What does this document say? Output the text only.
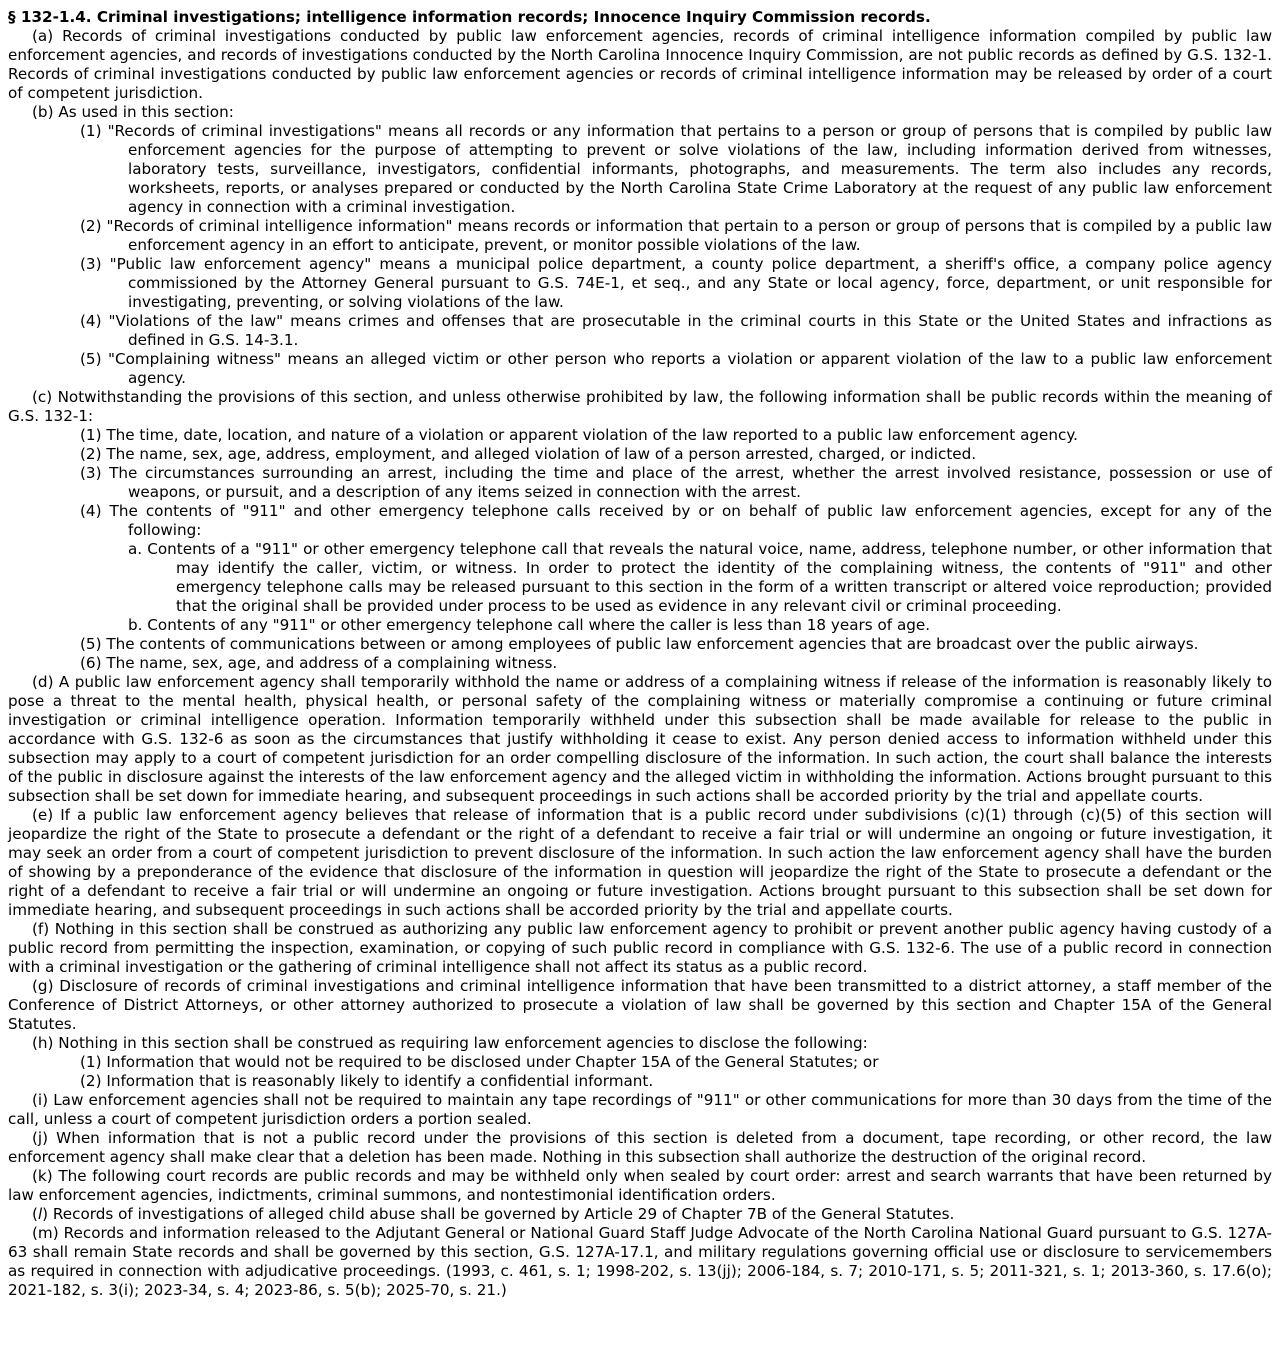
§ 132-1.4. Criminal investigations; intelligence information records; Innocence Inquiry Commission records.

(a) Records of criminal investigations conducted by public law enforcement agencies, records of criminal intelligence information compiled by public law enforcement agencies, and records of investigations conducted by the North Carolina Innocence Inquiry Commission, are not public records as defined by G.S. 132-1. Records of criminal investigations conducted by public law enforcement agencies or records of criminal intelligence information may be released by order of a court of competent jurisdiction.

(b) As used in this section:

(1) "Records of criminal investigations" means all records or any information that pertains to a person or group of persons that is compiled by public law enforcement agencies for the purpose of attempting to prevent or solve violations of the law, including information derived from witnesses, laboratory tests, surveillance, investigators, confidential informants, photographs, and measurements. The term also includes any records, worksheets, reports, or analyses prepared or conducted by the North Carolina State Crime Laboratory at the request of any public law enforcement agency in connection with a criminal investigation.

(2) "Records of criminal intelligence information" means records or information that pertain to a person or group of persons that is compiled by a public law enforcement agency in an effort to anticipate, prevent, or monitor possible violations of the law.

(3) "Public law enforcement agency" means a municipal police department, a county police department, a sheriff's office, a company police agency commissioned by the Attorney General pursuant to G.S. 74E-1, et seq., and any State or local agency, force, department, or unit responsible for investigating, preventing, or solving violations of the law.

(4) "Violations of the law" means crimes and offenses that are prosecutable in the criminal courts in this State or the United States and infractions as defined in G.S. 14-3.1.

(5) "Complaining witness" means an alleged victim or other person who reports a violation or apparent violation of the law to a public law enforcement agency.

(c) Notwithstanding the provisions of this section, and unless otherwise prohibited by law, the following information shall be public records within the meaning of G.S. 132-1:

(1) The time, date, location, and nature of a violation or apparent violation of the law reported to a public law enforcement agency.

(2) The name, sex, age, address, employment, and alleged violation of law of a person arrested, charged, or indicted.

(3) The circumstances surrounding an arrest, including the time and place of the arrest, whether the arrest involved resistance, possession or use of weapons, or pursuit, and a description of any items seized in connection with the arrest.

(4) The contents of "911" and other emergency telephone calls received by or on behalf of public law enforcement agencies, except for any of the following:

a. Contents of a "911" or other emergency telephone call that reveals the natural voice, name, address, telephone number, or other information that may identify the caller, victim, or witness. In order to protect the identity of the complaining witness, the contents of "911" and other emergency telephone calls may be released pursuant to this section in the form of a written transcript or altered voice reproduction; provided that the original shall be provided under process to be used as evidence in any relevant civil or criminal proceeding.

b. Contents of any "911" or other emergency telephone call where the caller is less than 18 years of age.

(5) The contents of communications between or among employees of public law enforcement agencies that are broadcast over the public airways.

(6) The name, sex, age, and address of a complaining witness.

(d) A public law enforcement agency shall temporarily withhold the name or address of a complaining witness if release of the information is reasonably likely to pose a threat to the mental health, physical health, or personal safety of the complaining witness or materially compromise a continuing or future criminal investigation or criminal intelligence operation. Information temporarily withheld under this subsection shall be made available for release to the public in accordance with G.S. 132-6 as soon as the circumstances that justify withholding it cease to exist. Any person denied access to information withheld under this subsection may apply to a court of competent jurisdiction for an order compelling disclosure of the information. In such action, the court shall balance the interests of the public in disclosure against the interests of the law enforcement agency and the alleged victim in withholding the information. Actions brought pursuant to this subsection shall be set down for immediate hearing, and subsequent proceedings in such actions shall be accorded priority by the trial and appellate courts.

(e) If a public law enforcement agency believes that release of information that is a public record under subdivisions (c)(1) through (c)(5) of this section will jeopardize the right of the State to prosecute a defendant or the right of a defendant to receive a fair trial or will undermine an ongoing or future investigation, it may seek an order from a court of competent jurisdiction to prevent disclosure of the information. In such action the law enforcement agency shall have the burden of showing by a preponderance of the evidence that disclosure of the information in question will jeopardize the right of the State to prosecute a defendant or the right of a defendant to receive a fair trial or will undermine an ongoing or future investigation. Actions brought pursuant to this subsection shall be set down for immediate hearing, and subsequent proceedings in such actions shall be accorded priority by the trial and appellate courts.

(f) Nothing in this section shall be construed as authorizing any public law enforcement agency to prohibit or prevent another public agency having custody of a public record from permitting the inspection, examination, or copying of such public record in compliance with G.S. 132-6. The use of a public record in connection with a criminal investigation or the gathering of criminal intelligence shall not affect its status as a public record.

(g) Disclosure of records of criminal investigations and criminal intelligence information that have been transmitted to a district attorney, a staff member of the Conference of District Attorneys, or other attorney authorized to prosecute a violation of law shall be governed by this section and Chapter 15A of the General Statutes.

(h) Nothing in this section shall be construed as requiring law enforcement agencies to disclose the following:

(1) Information that would not be required to be disclosed under Chapter 15A of the General Statutes; or

(2) Information that is reasonably likely to identify a confidential informant.

(i) Law enforcement agencies shall not be required to maintain any tape recordings of "911" or other communications for more than 30 days from the time of the call, unless a court of competent jurisdiction orders a portion sealed.

(j) When information that is not a public record under the provisions of this section is deleted from a document, tape recording, or other record, the law enforcement agency shall make clear that a deletion has been made. Nothing in this subsection shall authorize the destruction of the original record.

(k) The following court records are public records and may be withheld only when sealed by court order: arrest and search warrants that have been returned by law enforcement agencies, indictments, criminal summons, and nontestimonial identification orders.

(l) Records of investigations of alleged child abuse shall be governed by Article 29 of Chapter 7B of the General Statutes.

(m) Records and information released to the Adjutant General or National Guard Staff Judge Advocate of the North Carolina National Guard pursuant to G.S. 127A-63 shall remain State records and shall be governed by this section, G.S. 127A-17.1, and military regulations governing official use or disclosure to servicemembers as required in connection with adjudicative proceedings. (1993, c. 461, s. 1; 1998-202, s. 13(jj); 2006-184, s. 7; 2010-171, s. 5; 2011-321, s. 1; 2013-360, s. 17.6(o); 2021-182, s. 3(i); 2023-34, s. 4; 2023-86, s. 5(b); 2025-70, s. 21.)
